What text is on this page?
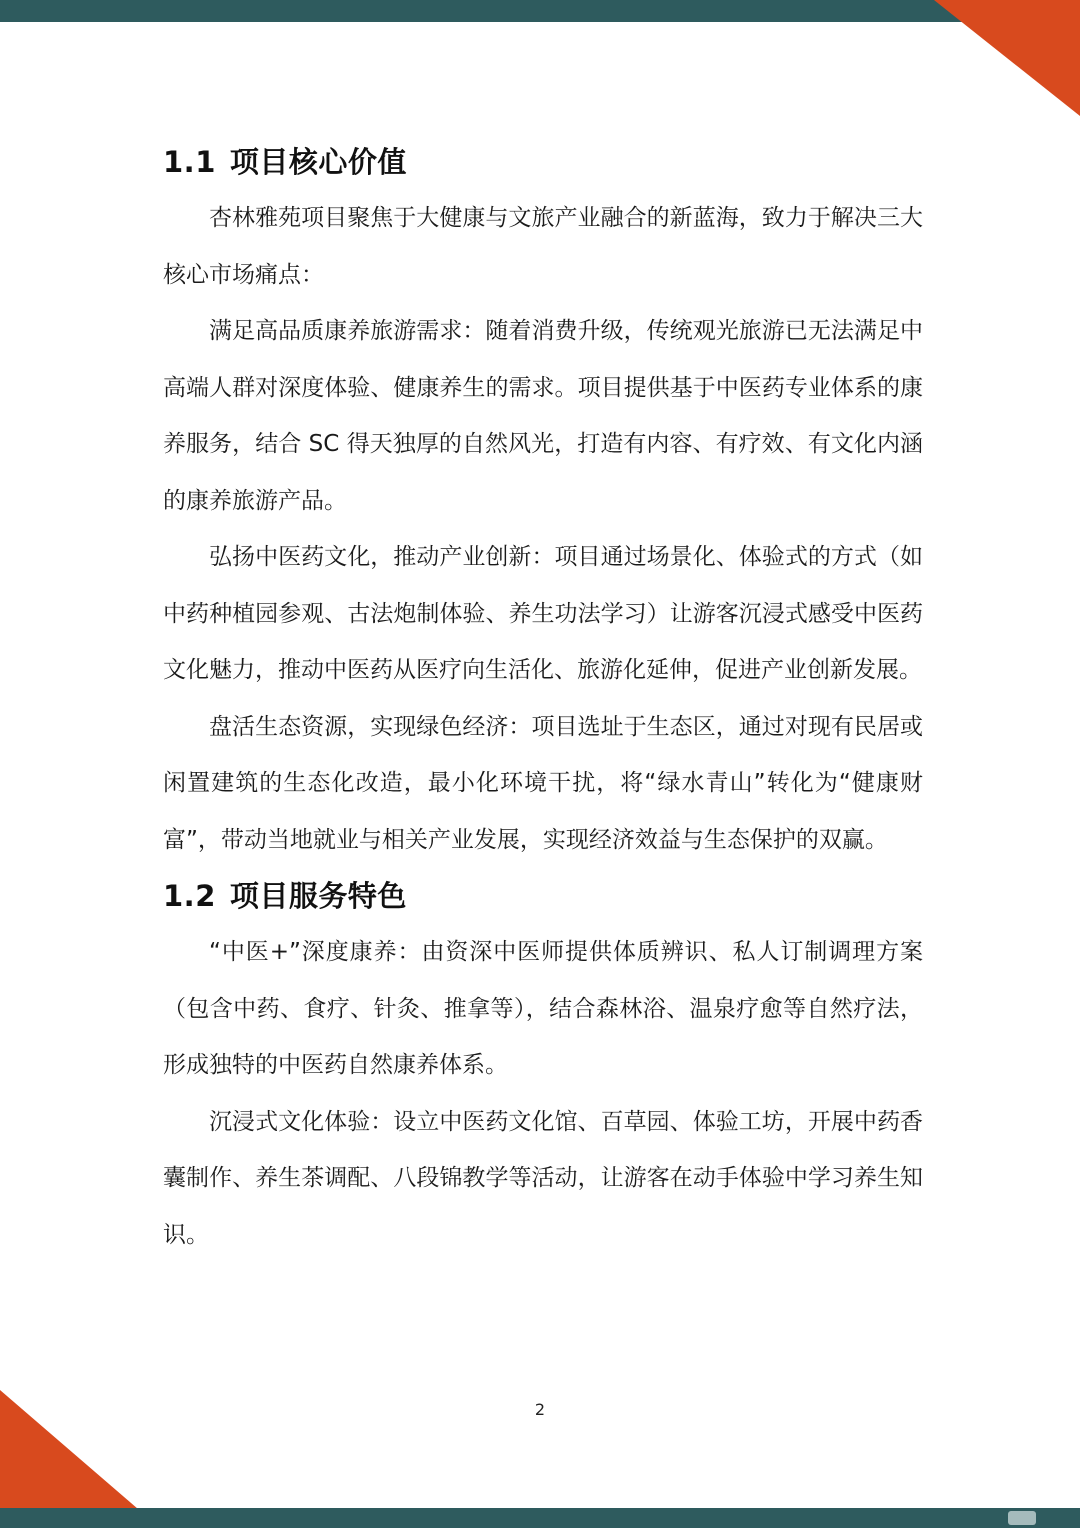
1.1 项目核心价值

杏林雅苑项目聚焦于大健康与文旅产业融合的新蓝海，致力于解决三大核心市场痛点：

满足高品质康养旅游需求：随着消费升级，传统观光旅游已无法满足中高端人群对深度体验、健康养生的需求。项目提供基于中医药专业体系的康养服务，结合 SC 得天独厚的自然风光，打造有内容、有疗效、有文化内涵的康养旅游产品。

弘扬中医药文化，推动产业创新：项目通过场景化、体验式的方式（如中药种植园参观、古法炮制体验、养生功法学习）让游客沉浸式感受中医药文化魅力，推动中医药从医疗向生活化、旅游化延伸，促进产业创新发展。

盘活生态资源，实现绿色经济：项目选址于生态区，通过对现有民居或闲置建筑的生态化改造，最小化环境干扰，将“绿水青山”转化为“健康财富”，带动当地就业与相关产业发展，实现经济效益与生态保护的双赢。

1.2 项目服务特色

“中医+”深度康养：由资深中医师提供体质辨识、私人订制调理方案（包含中药、食疗、针灸、推拿等），结合森林浴、温泉疗愈等自然疗法，形成独特的中医药自然康养体系。

沉浸式文化体验：设立中医药文化馆、百草园、体验工坊，开展中药香囊制作、养生茶调配、八段锦教学等活动，让游客在动手体验中学习养生知识。

2
